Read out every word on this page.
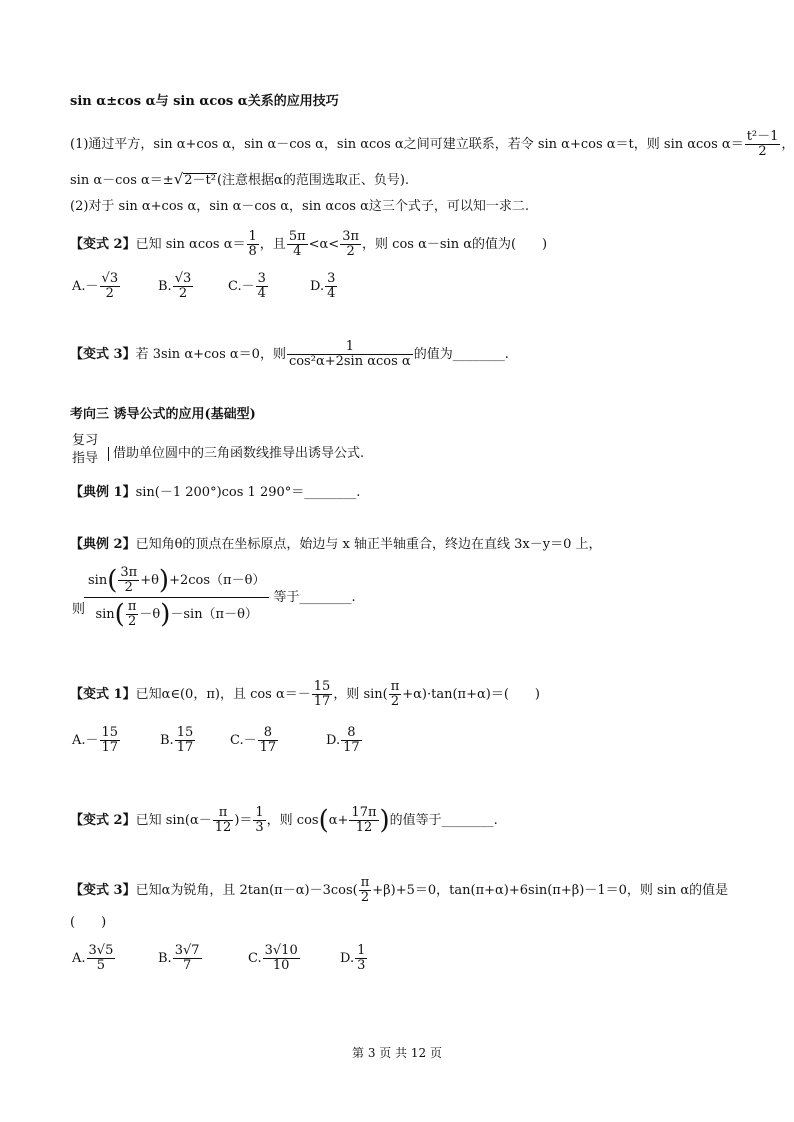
sin α±cos α与 sin αcos α关系的应用技巧
(1)通过平方，sin α+cos α，sin α－cos α，sin αcos α之间可建立联系，若令 sin α+cos α＝t，则 sin αcos $\alpha= \frac{\text{t²－1}}{2}$ ，
sin α－cos α＝±√2－t²(注意根据α的范围选取正、负号).
(2)对于 sin α+cos α，sin α－cos α，sin αcos α这三个式子，可以知一求二.
【变式 2】已知 sin αcos $\alpha= \frac{1}{8}$ ，且 $\frac{5\pi}{4} <\alpha< \frac{3\pi}{2}$ ，则 cos α－sin α的值为(　　)
$A.- \frac{√3}{2}$	B. $\frac{√3}{2}$	$C.- \frac{3}{4}$	D. $\frac{3}{4}$
【变式 3】若 3sin α+cos α＝0，则 $\frac{1}{\text{cos²α+2sin αcos α}}$ 的值为________.
考向三 诱导公式的应用(基础型)
复习
指导	借助单位圆中的三角函数线推导出诱导公式.
【典例 1】sin(－1 200°)cos 1 290°＝________.
【典例 2】已知角θ的顶点在坐标原点，始边与 x 轴正半轴重合，终边在直线 3x－y＝0 上，
则
$\frac{\sin( \frac{3\pi}{2} +\theta)+2\cos(\pi-\theta)}{\sin( \frac{\pi}{2} -\theta)-\sin(\pi-\theta)}$ 等于________.
【变式 1】已知α∈(0，π)，且 $\cos \alpha=- \frac{15}{17}$ ，则 $\sin( \frac{\pi}{2} +\alpha)\cdot\tan(\pi+\alpha)=$(　　)
$A.- \frac{15}{17}$	B. $\frac{15}{17}$	$C.- \frac{8}{17}$	D. $\frac{8}{17}$
【变式 2】已知 $\sin(\alpha- \frac{\pi}{12}$ )＝ $\frac{1}{3}$ ，则 $\cos(\alpha+ \frac{17\pi}{12}$ )的值等于________.
【变式 3】已知α为锐角，且 $2\tan(\pi-\alpha)-3\cos( \frac{\pi}{2} +\beta)+5=0$，tan(π+α)+6sin(π+β)－1＝0，则 sin α的值是
(　　)
A. $\frac{3√5}{5}$	B. $\frac{3√7}{7}$	C. $\frac{3√10}{10}$	D. $\frac{1}{3}$
第 3 页 共 12 页
